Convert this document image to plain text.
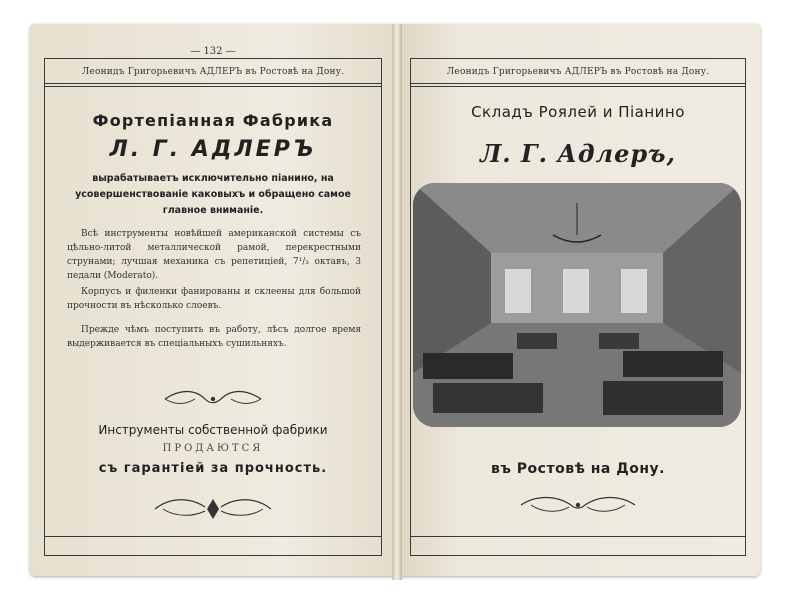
— 132 —
Леонидъ Григорьевичъ АДЛЕРЪ въ Ростовѣ на Дону.
Фортепіанная Фабрика
Л. Г. АДЛЕРЪ
вырабатываетъ исключительно піанино, на усовершенствованіе каковыхъ и обращено самое главное вниманіе.
Всѣ инструменты новѣйшей американской системы съ цѣльно-литой металлической рамой, перекрестными струнами; лучшая механика съ репетиціей, 7¹/₃ октавъ, 3 педали (Moderato).
Корпусъ и филенки фанированы и склеены для большой прочности въ нѣсколько слоевъ.
Прежде чѣмъ поступить въ работу, лѣсъ долгое время выдерживается въ спеціальныхъ сушильняхъ.
Инструменты собственной фабрики
ПРОДАЮТСЯ
съ гарантіей за прочность.
Леонидъ Григорьевичъ АДЛЕРЪ въ Ростовѣ на Дону.
Складъ Роялей и Піанино
Л. Г. Адлеръ,
въ Ростовѣ на Дону.
